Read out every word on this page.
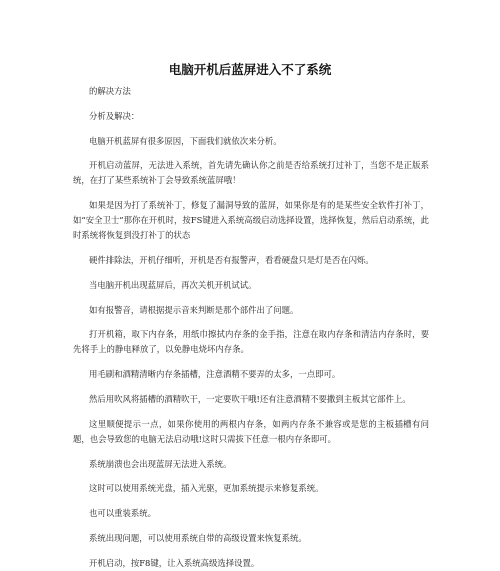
电脑开机后蓝屏进入不了系统

的解决方法

分析及解决：

电脑开机蓝屏有很多原因，下面我们就依次来分析。

开机启动蓝屏，无法进入系统，首先请先确认你之前是否给系统打过补丁，当您不是正版系统，在打了某些系统补丁会导致系统蓝屏哦！

如果是因为打了系统补丁，修复了漏洞导致的蓝屏，如果你是有的是某些安全软件打补丁，如“安全卫士”那你在开机时，按FS键进入系统高级启动选择设置，选择恢复，然后启动系统，此时系统将恢复到没打补丁的状态

硬件排除法，开机仔细听，开机是否有报警声，看看硬盘只是灯是否在闪烁。

当电脑开机出现蓝屏后，再次关机开机试试。

如有报警音，请根据提示音来判断是那个部件出了问题。

打开机箱，取下内存条，用纸巾擦拭内存条的金手指，注意在取内存条和清洁内存条时，要先将手上的静电释放了，以免静电烧坏内存条。

用毛刷和酒精清晰内存条插槽，注意酒精不要弄的太多，一点即可。

然后用吹风将插槽的酒精吹干，一定要吹干哦!还有注意酒精不要撒到主板其它部件上。

这里顺便提示一点，如果你使用的两根内存条，如两内存条不兼容或是您的主板插槽有问题，也会导致您的电脑无法启动哦!这时只需拔下任意一根内存条即可。

系统崩溃也会出现蓝屏无法进入系统。

这时可以使用系统光盘，插入光驱，更加系统提示来修复系统。

也可以重装系统。

系统出现问题，可以使用系统自带的高级设置来恢复系统。

开机启动，按F8键，让入系统高级选择设置。
